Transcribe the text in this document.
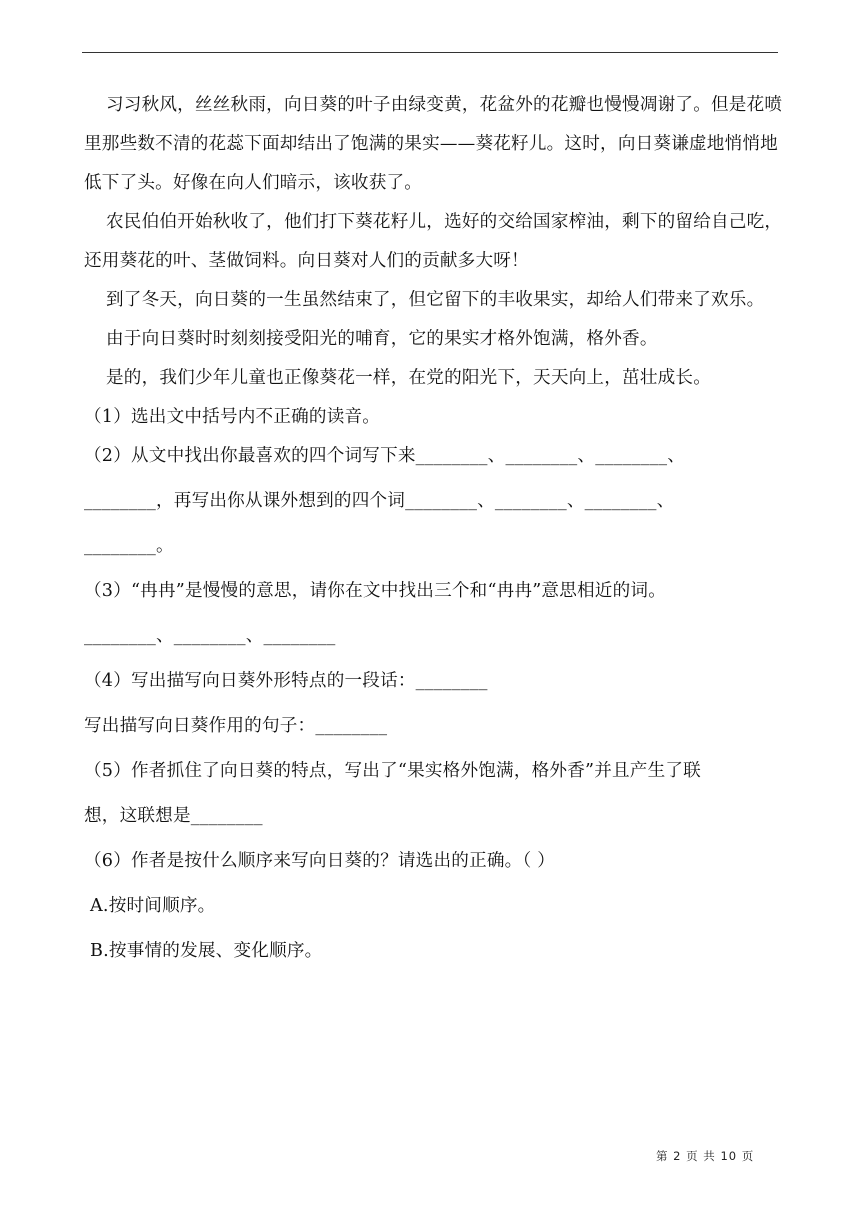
习习秋风，丝丝秋雨，向日葵的叶子由绿变黄，花盆外的花瓣也慢慢凋谢了。但是花喷里那些数不清的花蕊下面却结出了饱满的果实——葵花籽儿。这时，向日葵谦虚地悄悄地低下了头。好像在向人们暗示，该收获了。

农民伯伯开始秋收了，他们打下葵花籽儿，选好的交给国家榨油，剩下的留给自己吃，还用葵花的叶、茎做饲料。向日葵对人们的贡献多大呀！

到了冬天，向日葵的一生虽然结束了，但它留下的丰收果实，却给人们带来了欢乐。

由于向日葵时时刻刻接受阳光的哺育，它的果实才格外饱满，格外香。

是的，我们少年儿童也正像葵花一样，在党的阳光下，天天向上，茁壮成长。

（1）选出文中括号内不正确的读音。

（2）从文中找出你最喜欢的四个词写下来________、________、________、

________，再写出你从课外想到的四个词________、________、________、

________。

（3）“冉冉”是慢慢的意思，请你在文中找出三个和“冉冉”意思相近的词。

________、________、________

（4）写出描写向日葵外形特点的一段话：________

写出描写向日葵作用的句子：________

（5）作者抓住了向日葵的特点，写出了“果实格外饱满，格外香”并且产生了联

想，这联想是________

（6）作者是按什么顺序来写向日葵的？请选出的正确。（ ）

A.按时间顺序。

B.按事情的发展、变化顺序。

第 2 页 共 10 页
